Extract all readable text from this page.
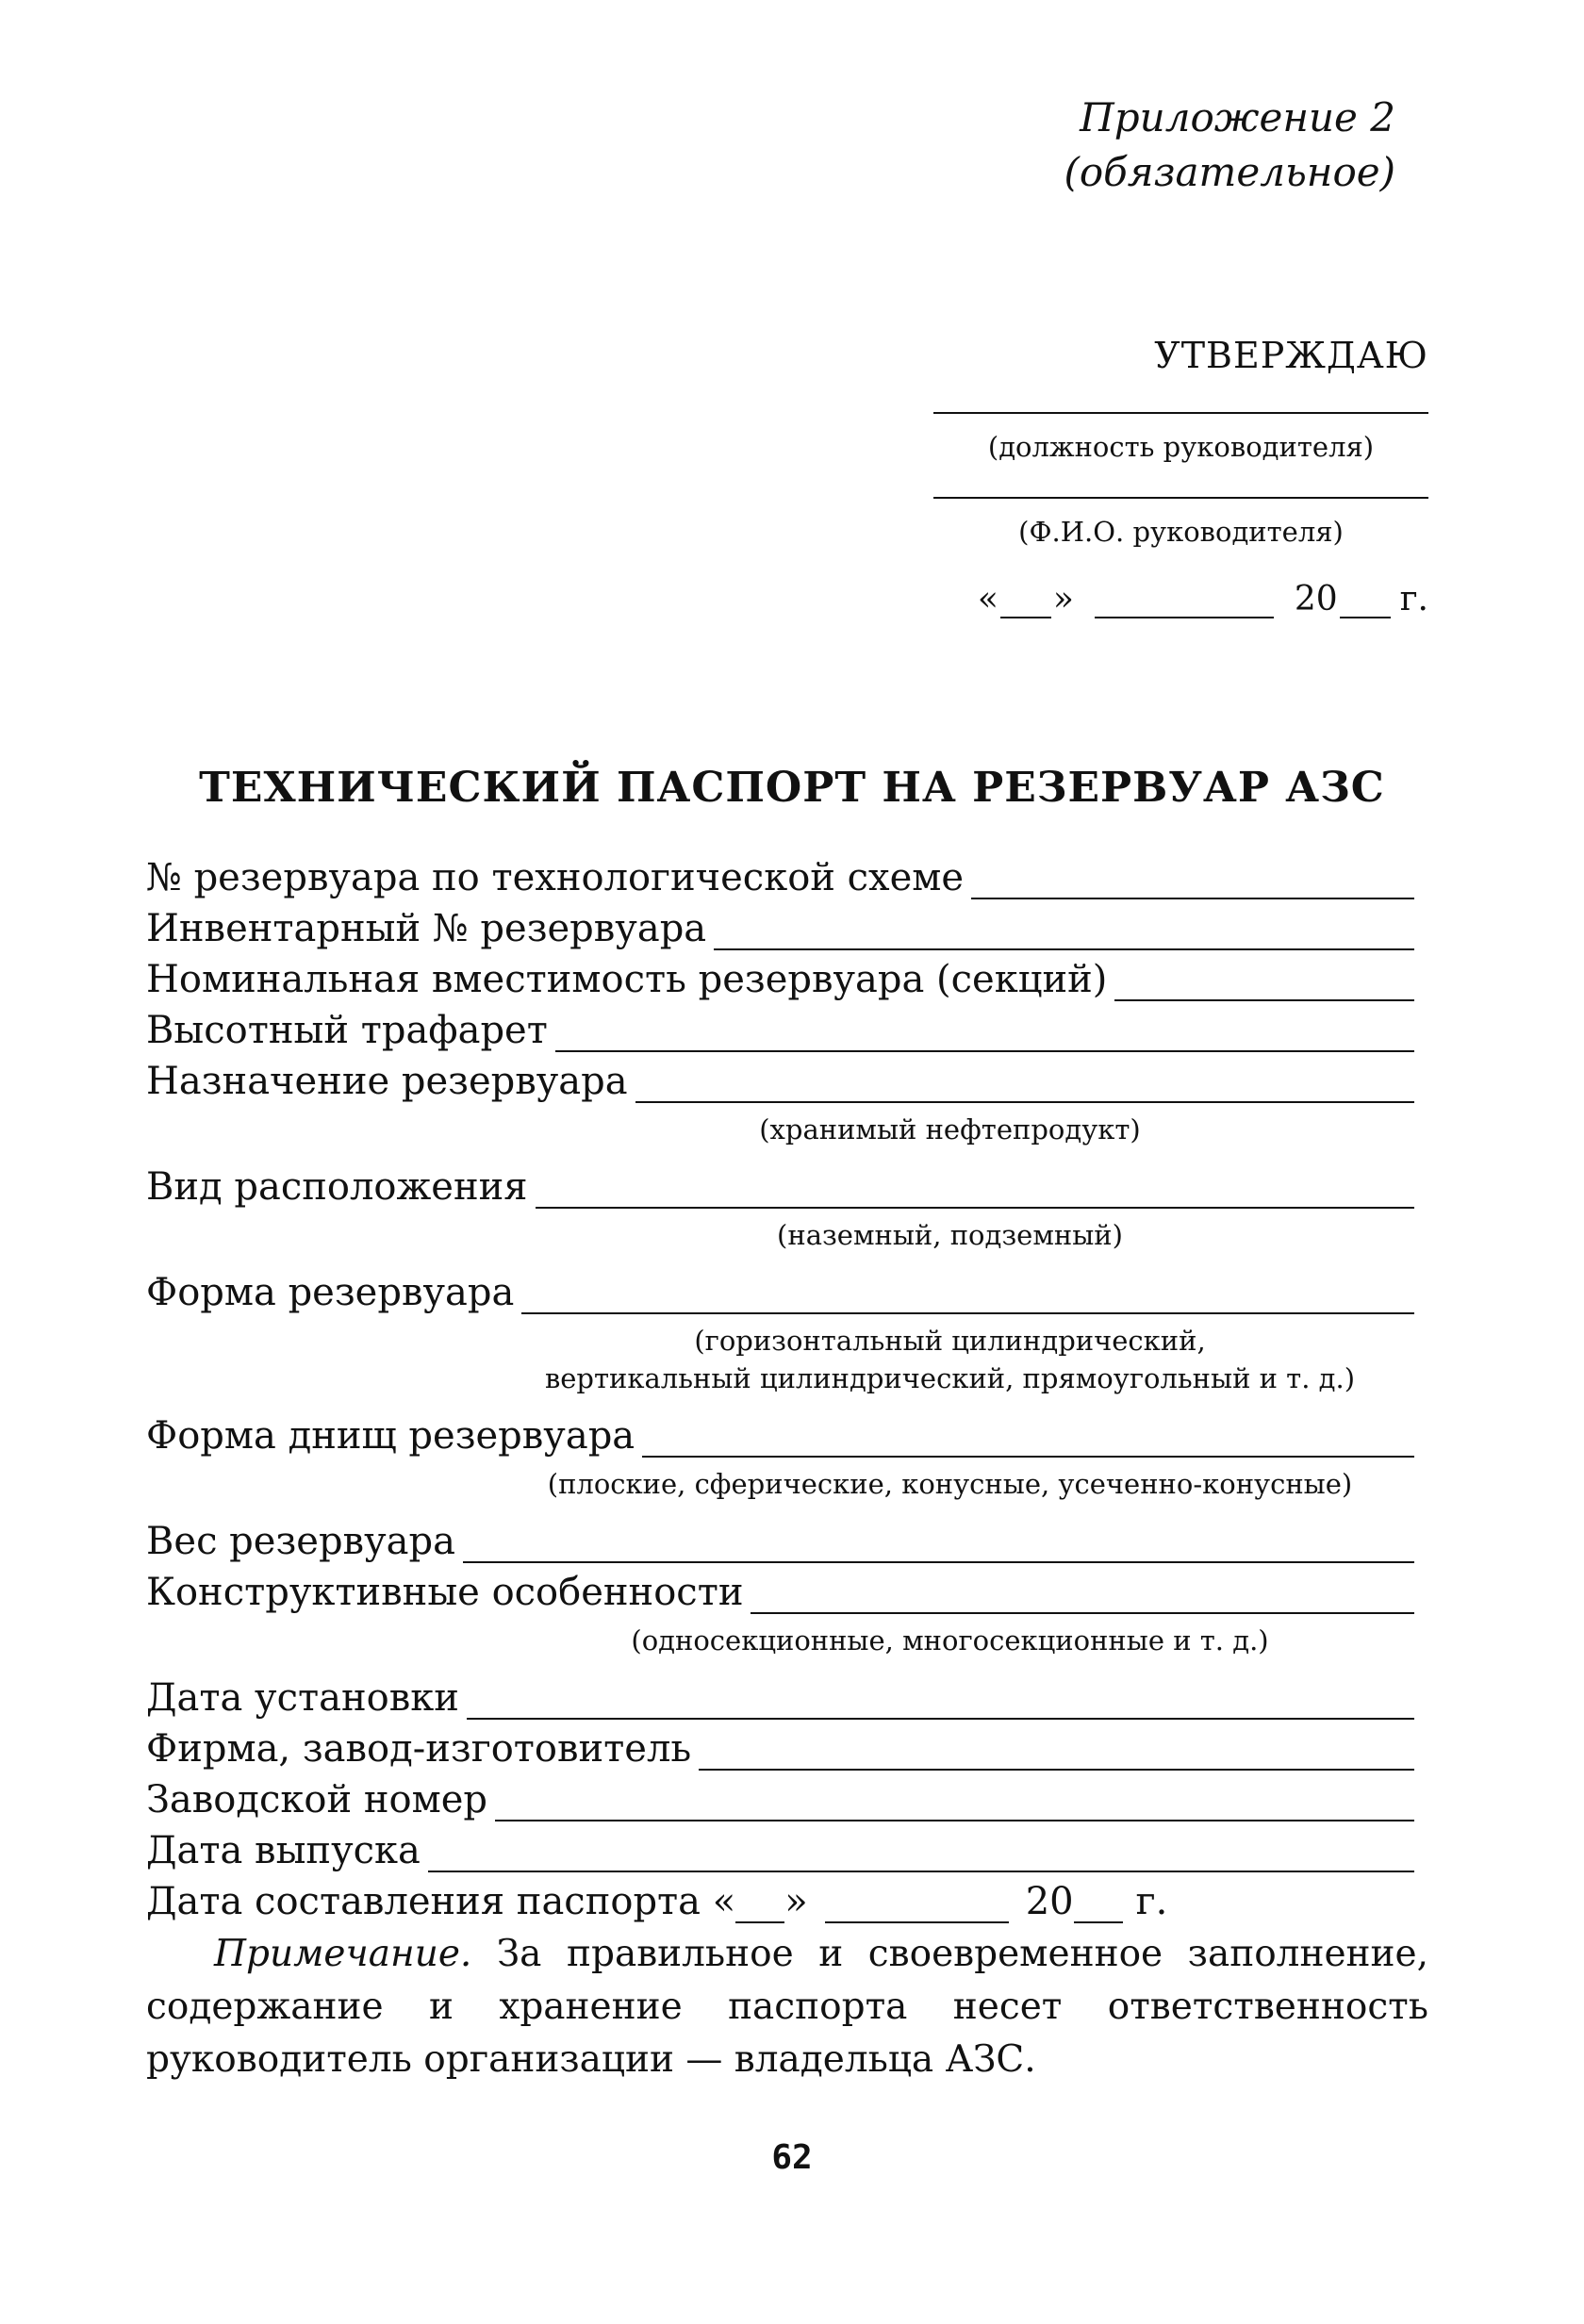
Приложение 2
(обязательное)
УТВЕРЖДАЮ
(должность руководителя)
(Ф.И.О. руководителя)
« »	20 г.
ТЕХНИЧЕСКИЙ ПАСПОРТ НА РЕЗЕРВУАР АЗС
№ резервуара по технологической схеме
Инвентарный № резервуара
Номинальная вместимость резервуара (секций)
Высотный трафарет
Назначение резервуара
(хранимый нефтепродукт)
Вид расположения
(наземный, подземный)
Форма резервуара
(горизонтальный цилиндрический,
вертикальный цилиндрический, прямоугольный и т. д.)
Форма днищ резервуара
(плоские, сферические, конусные, усеченно-конусные)
Вес резервуара
Конструктивные особенности
(односекционные, многосекционные и т. д.)
Дата установки
Фирма, завод-изготовитель
Заводской номер
Дата выпуска
Дата составления паспорта « »	20 г.
Примечание. За правильное и своевременное заполнение, содержание и хранение паспорта несет ответственность руководитель организации — владельца АЗС.
62
